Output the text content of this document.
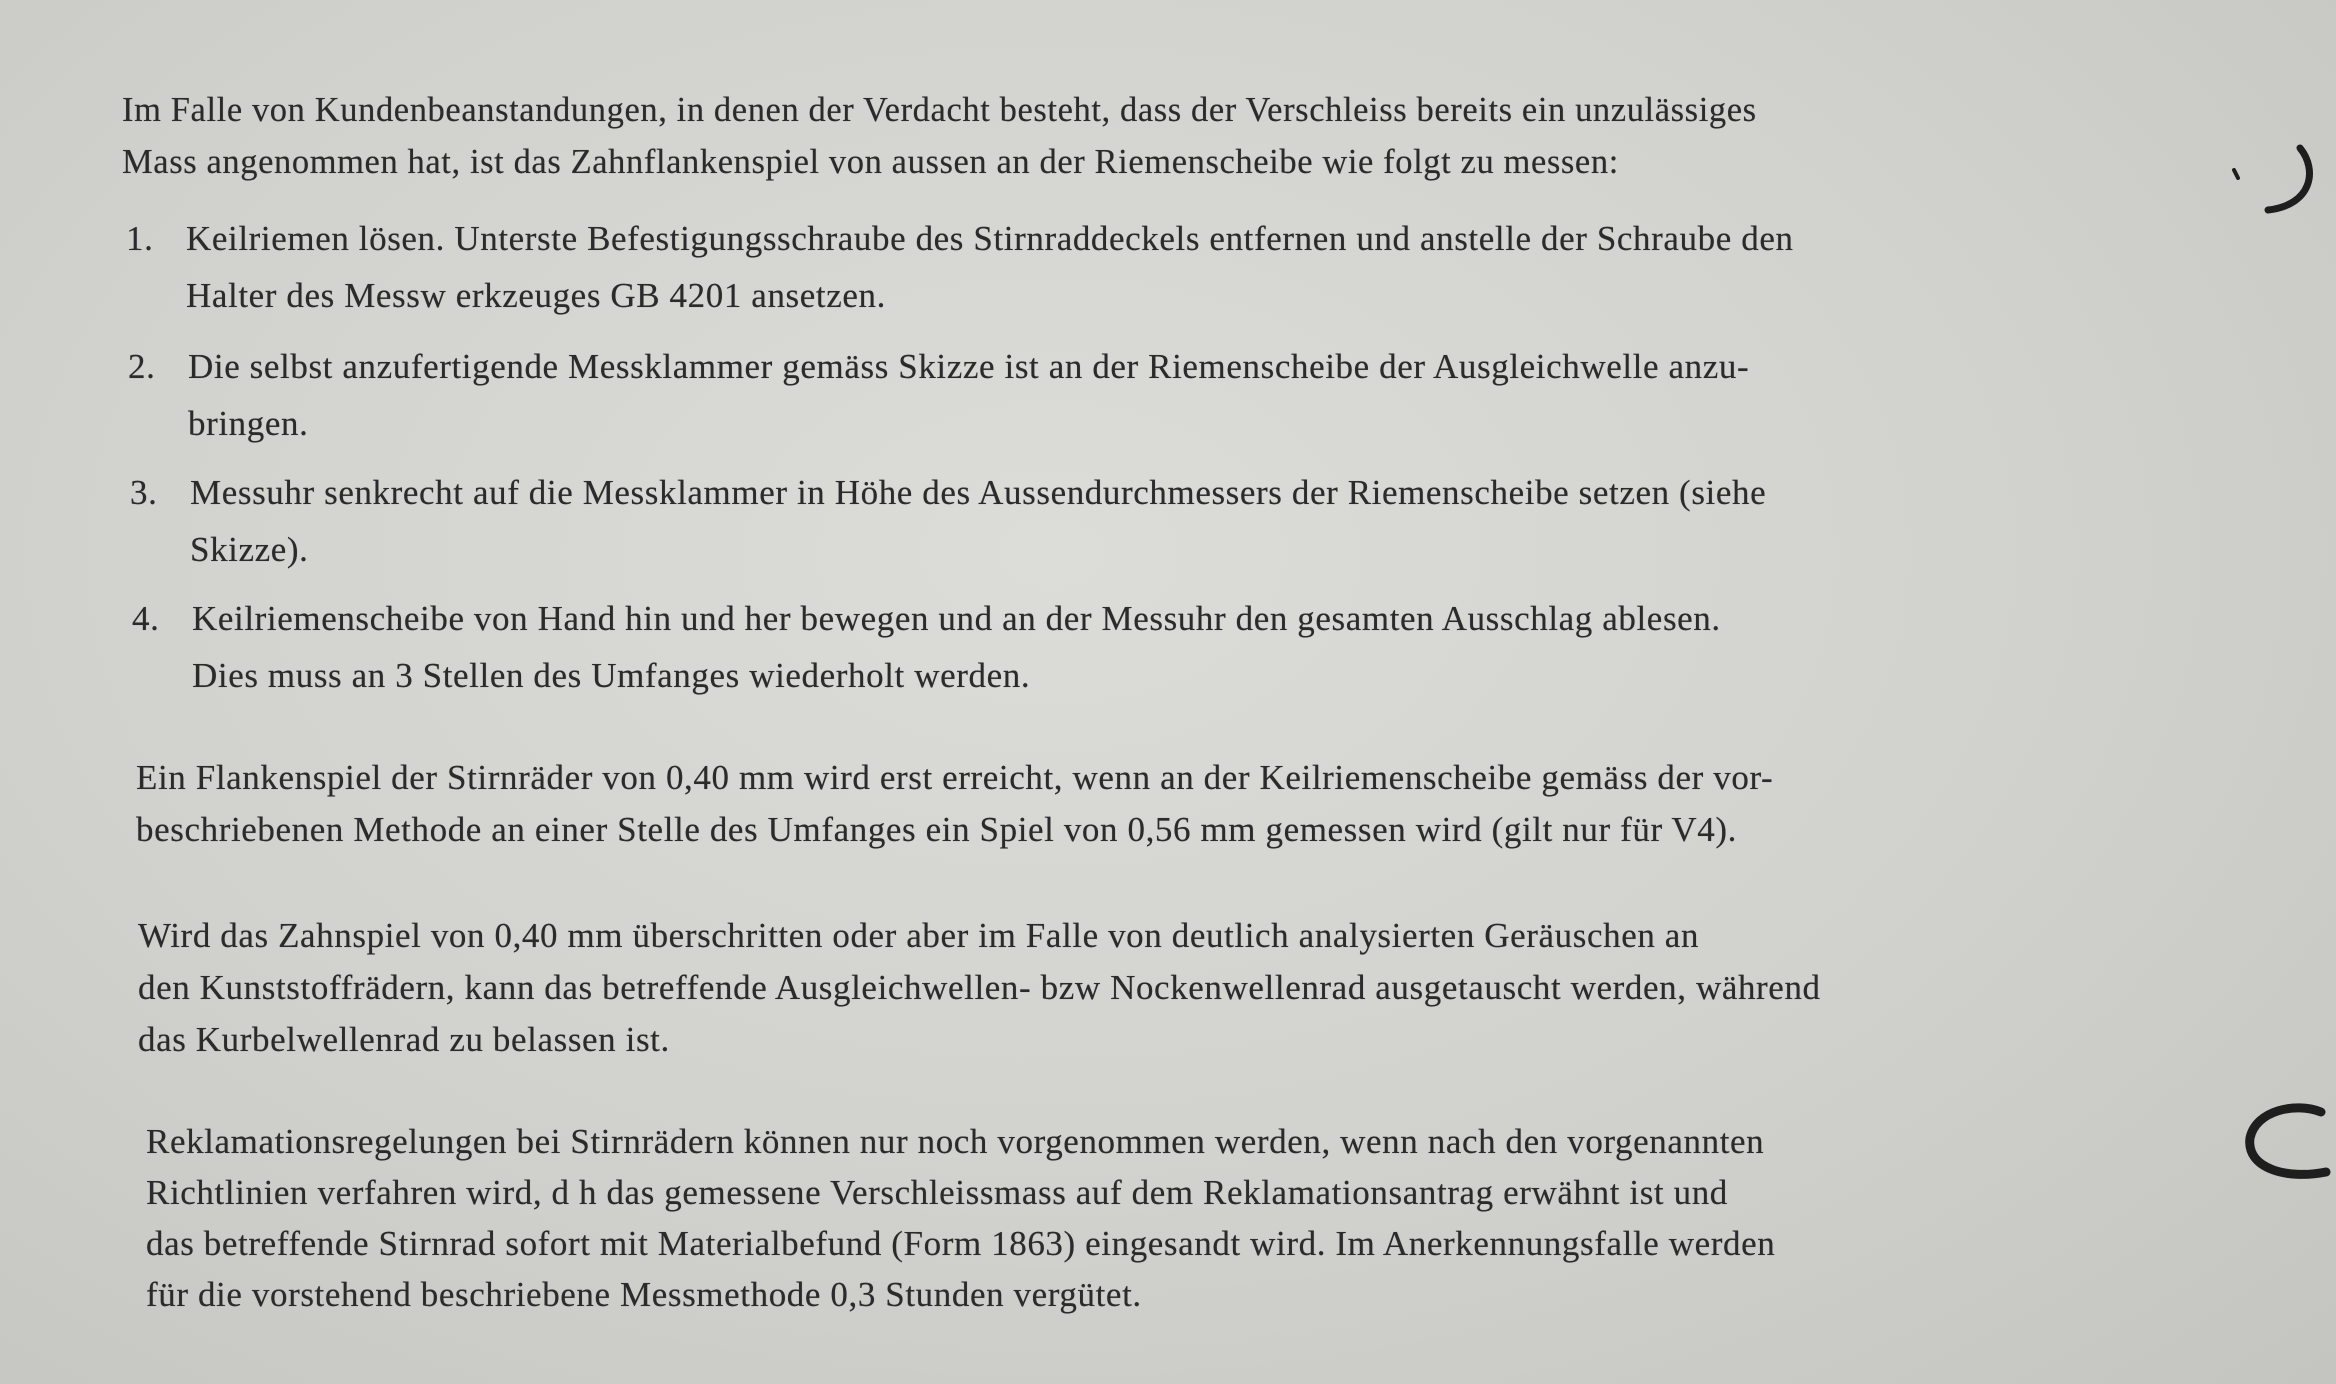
Im Falle von Kundenbeanstandungen, in denen der Verdacht besteht, dass der Verschleiss bereits ein unzulässiges
Mass angenommen hat, ist das Zahnflankenspiel von aussen an der Riemenscheibe wie folgt zu messen:
1. Keilriemen lösen. Unterste Befestigungsschraube des Stirnraddeckels entfernen und anstelle der Schraube den
Halter des Messw erkzeuges GB 4201 ansetzen.
2. Die selbst anzufertigende Messklammer gemäss Skizze ist an der Riemenscheibe der Ausgleichwelle anzu-
bringen.
3. Messuhr senkrecht auf die Messklammer in Höhe des Aussendurchmessers der Riemenscheibe setzen (siehe
Skizze).
4. Keilriemenscheibe von Hand hin und her bewegen und an der Messuhr den gesamten Ausschlag ablesen.
Dies muss an 3 Stellen des Umfanges wiederholt werden.
Ein Flankenspiel der Stirnräder von 0,40 mm wird erst erreicht, wenn an der Keilriemenscheibe gemäss der vor-
beschriebenen Methode an einer Stelle des Umfanges ein Spiel von 0,56 mm gemessen wird (gilt nur für V4).
Wird das Zahnspiel von 0,40 mm überschritten oder aber im Falle von deutlich analysierten Geräuschen an
den Kunststoffrädern, kann das betreffende Ausgleichwellen- bzw Nockenwellenrad ausgetauscht werden, während
das Kurbelwellenrad zu belassen ist.
Reklamationsregelungen bei Stirnrädern können nur noch vorgenommen werden, wenn nach den vorgenannten
Richtlinien verfahren wird, d h das gemessene Verschleissmass auf dem Reklamationsantrag erwähnt ist und
das betreffende Stirnrad sofort mit Materialbefund (Form 1863) eingesandt wird. Im Anerkennungsfalle werden
für die vorstehend beschriebene Messmethode 0,3 Stunden vergütet.
